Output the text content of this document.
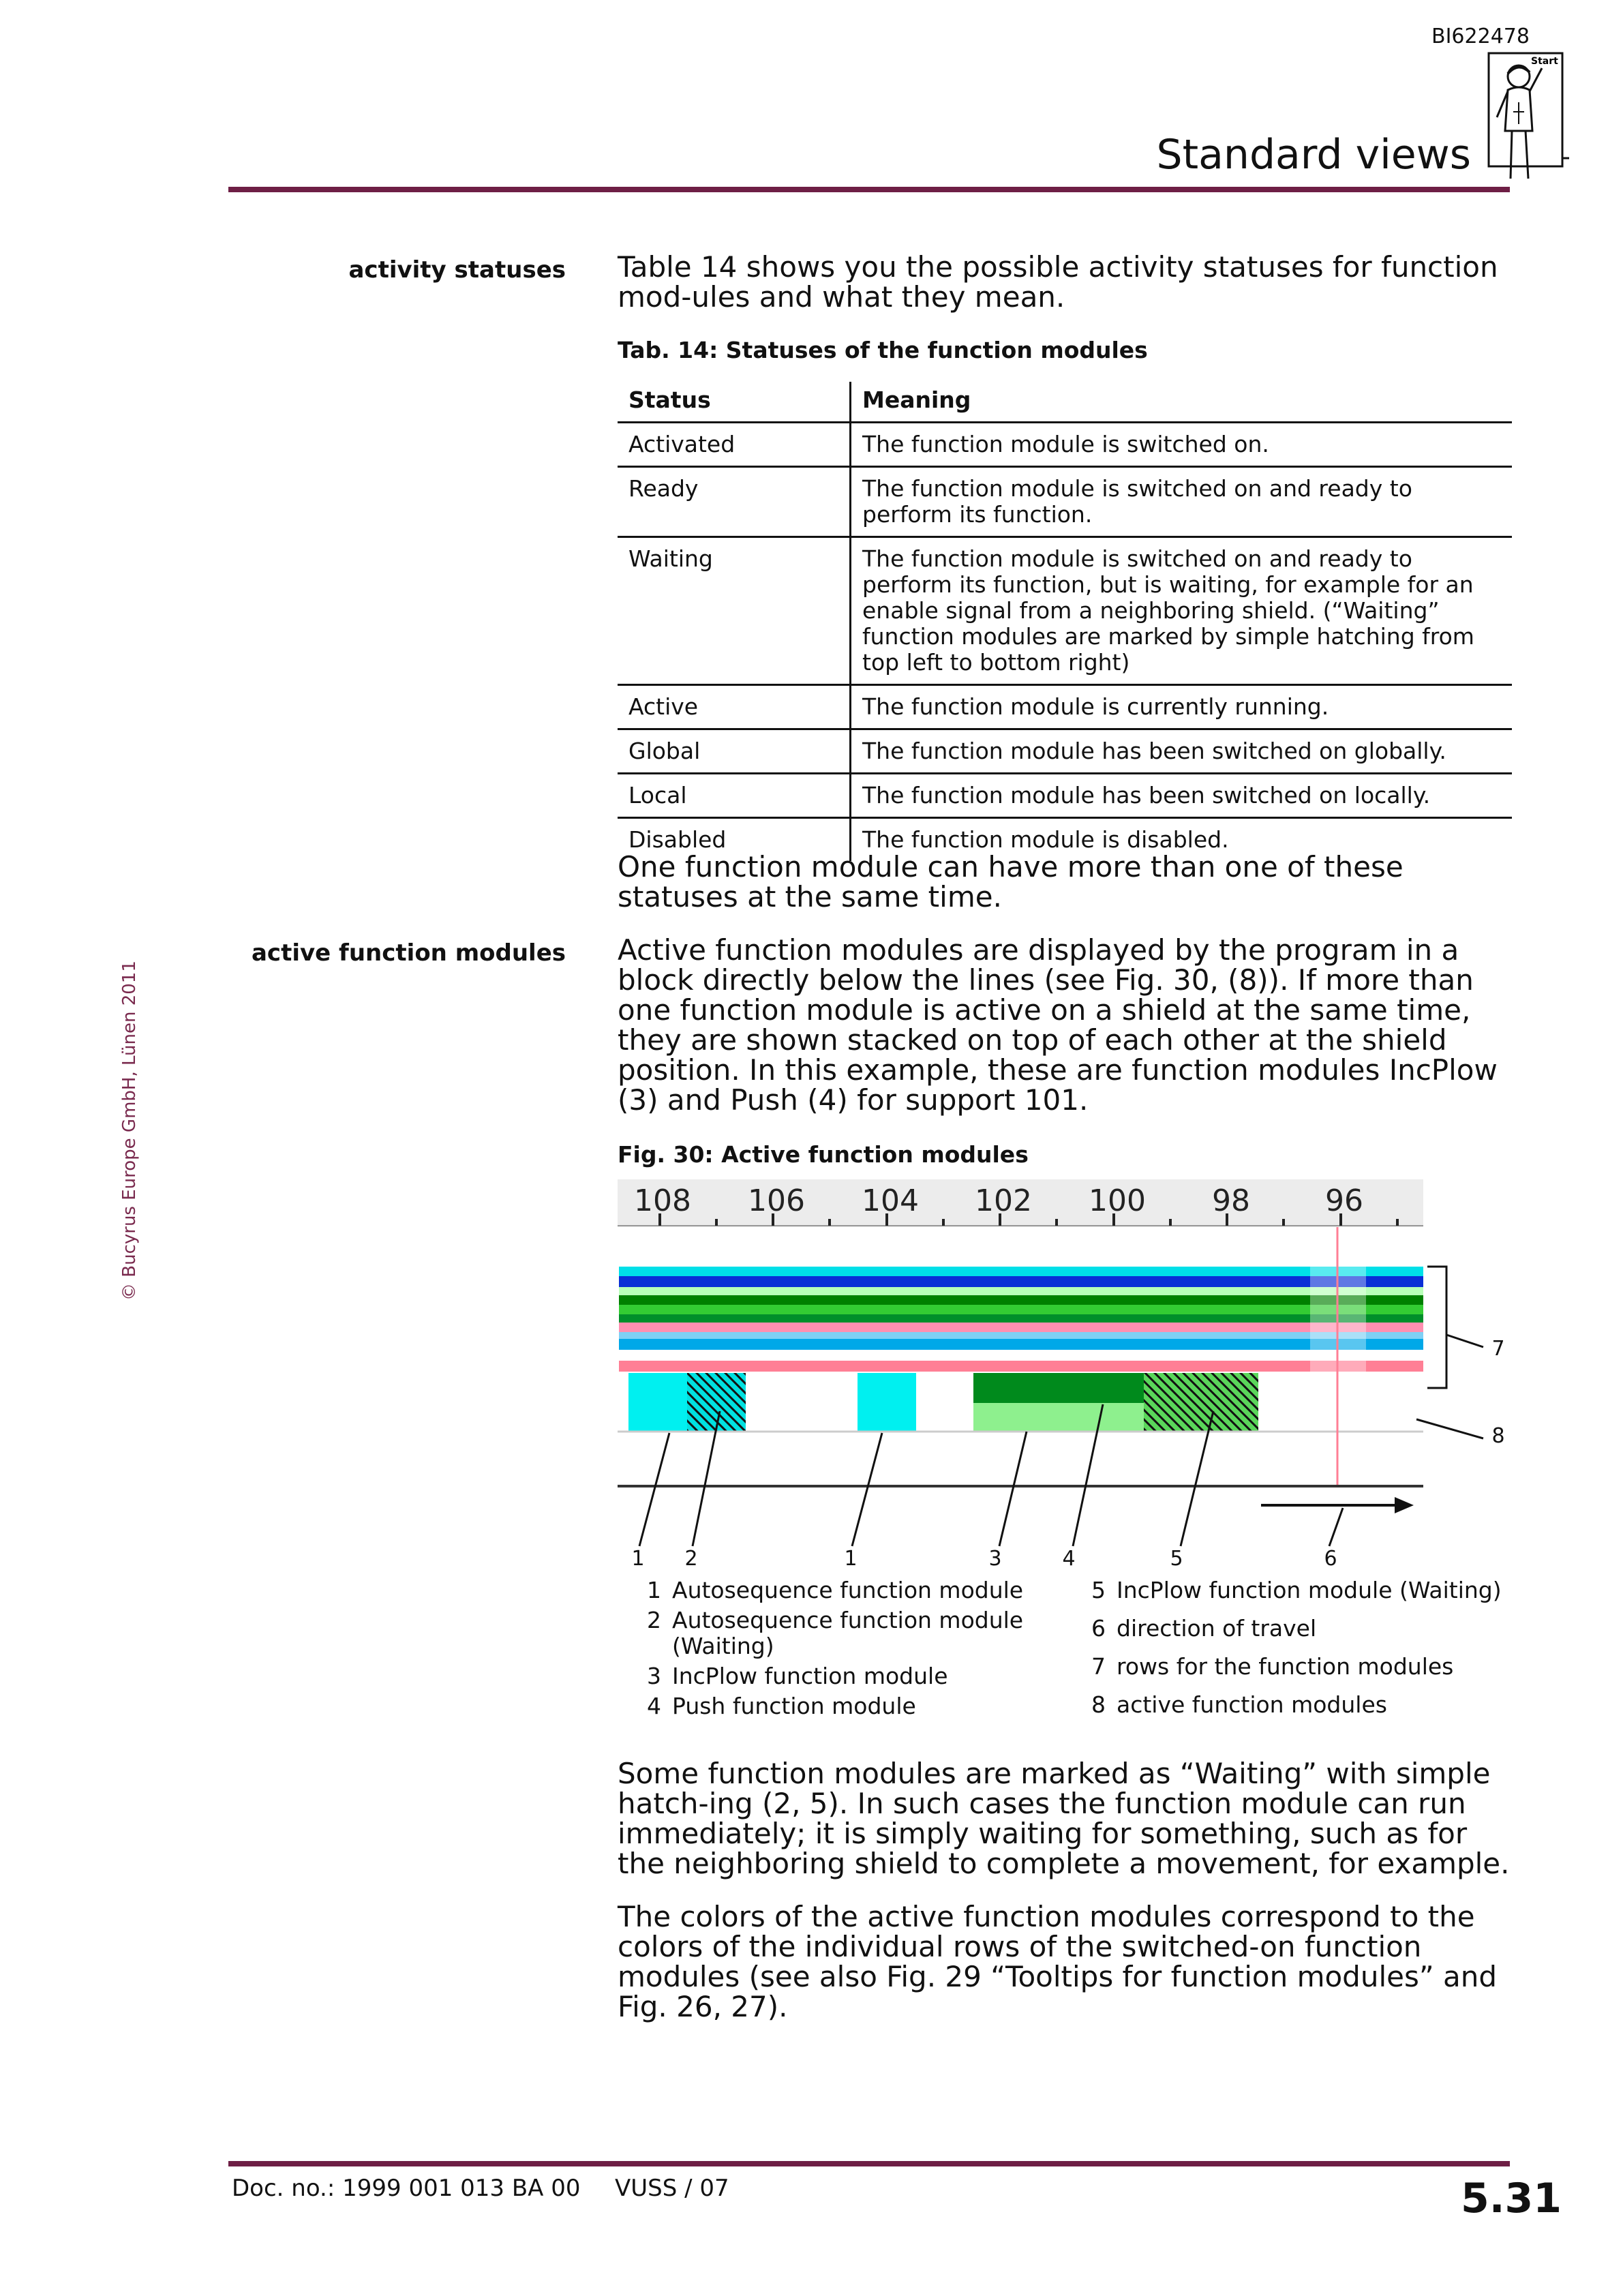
BI622478
Start
Standard views
© Bucyrus Europe GmbH, Lünen 2011
activity statuses Table 14 shows you the possible activity statuses for function mod-ules and what they mean.
Tab. 14: Statuses of the function modules
Status	Meaning
Activated	The function module is switched on.
Ready	The function module is switched on and ready to perform its function.
Waiting	The function module is switched on and ready to perform its function, but is waiting, for example for an enable signal from a neighboring shield. (“Waiting” function modules are marked by simple hatching from top left to bottom right)
Active	The function module is currently running.
Global	The function module has been switched on globally.
Local	The function module has been switched on locally.
Disabled	The function module is disabled.
One function module can have more than one of these statuses at the same time.
active function modules Active function modules are displayed by the program in a block directly below the lines (see Fig. 30, (8)). If more than one function module is active on a shield at the same time, they are shown stacked on top of each other at the shield position. In this example, these are function modules IncPlow (3) and Push (4) for support 101.
Fig. 30: Active function modules
108 106 104 102 100 98	96
1 2	1	3	4	5	6
7
8
1 Autosequence function module
2 Autosequence function module (Waiting)
3 IncPlow function module
4 Push function module
5 IncPlow function module (Waiting)
6 direction of travel
7 rows for the function modules
8 active function modules
Some function modules are marked as “Waiting” with simple hatch-ing (2, 5). In such cases the function module can run immediately; it is simply waiting for something, such as for the neighboring shield to complete a movement, for example.
The colors of the active function modules correspond to the colors of the individual rows of the switched-on function modules (see also Fig. 29 “Tooltips for function modules” and Fig. 26, 27).
Doc. no.: 1999 001 013 BA 00 VUSS / 07	5.31
